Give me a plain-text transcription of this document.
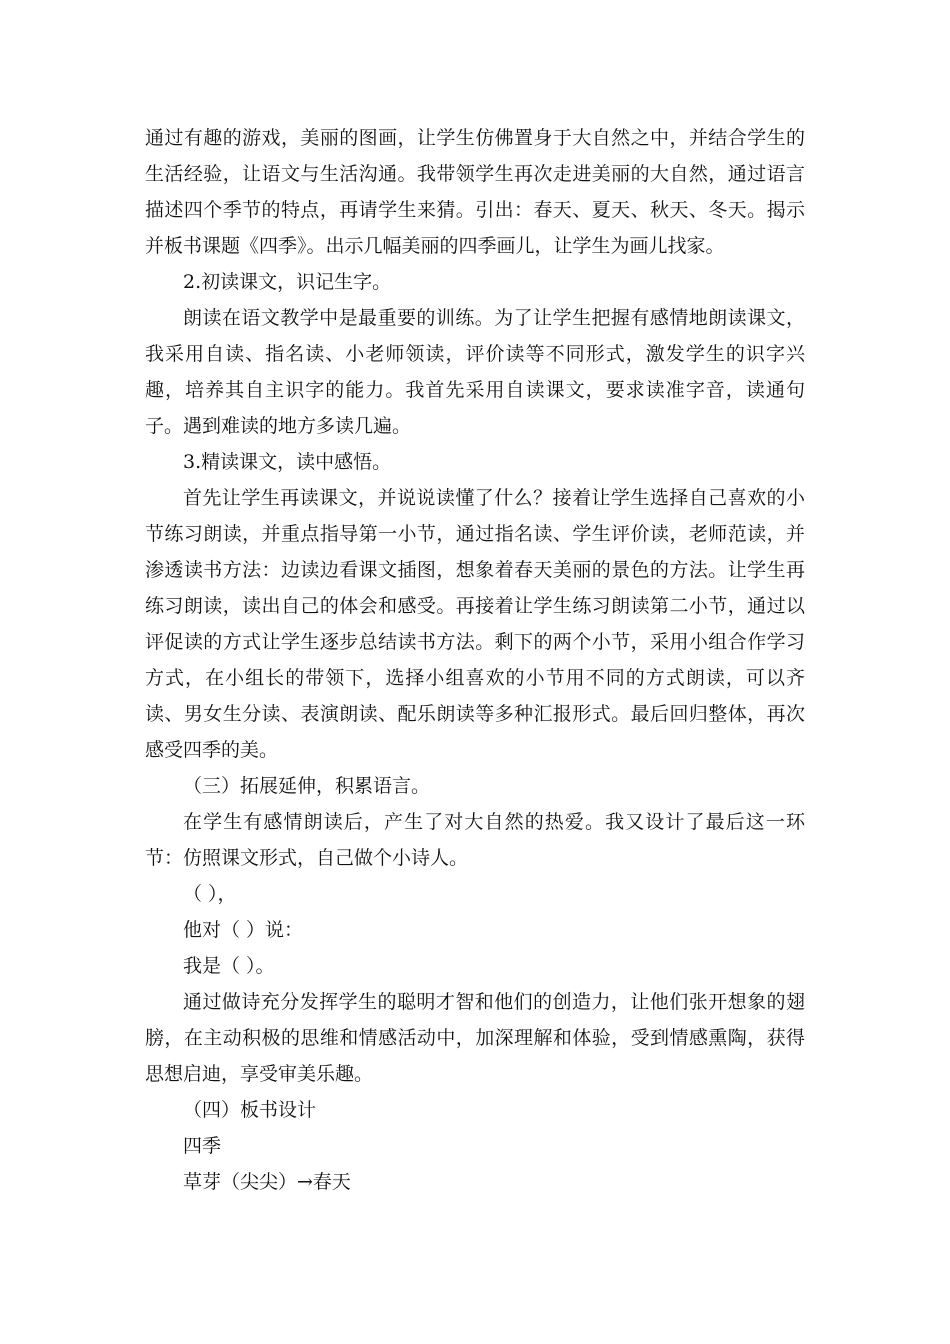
通过有趣的游戏，美丽的图画，让学生仿佛置身于大自然之中，并结合学生的生活经验，让语文与生活沟通。我带领学生再次走进美丽的大自然，通过语言描述四个季节的特点，再请学生来猜。引出：春天、夏天、秋天、冬天。揭示并板书课题《四季》。出示几幅美丽的四季画儿，让学生为画儿找家。

2.初读课文，识记生字。

朗读在语文教学中是最重要的训练。为了让学生把握有感情地朗读课文，我采用自读、指名读、小老师领读，评价读等不同形式，激发学生的识字兴趣，培养其自主识字的能力。我首先采用自读课文，要求读准字音，读通句子。遇到难读的地方多读几遍。

3.精读课文，读中感悟。

首先让学生再读课文，并说说读懂了什么？接着让学生选择自己喜欢的小节练习朗读，并重点指导第一小节，通过指名读、学生评价读，老师范读，并渗透读书方法：边读边看课文插图，想象着春天美丽的景色的方法。让学生再练习朗读，读出自己的体会和感受。再接着让学生练习朗读第二小节，通过以评促读的方式让学生逐步总结读书方法。剩下的两个小节，采用小组合作学习方式，在小组长的带领下，选择小组喜欢的小节用不同的方式朗读，可以齐读、男女生分读、表演朗读、配乐朗读等多种汇报形式。最后回归整体，再次感受四季的美。

（三）拓展延伸，积累语言。

在学生有感情朗读后，产生了对大自然的热爱。我又设计了最后这一环节：仿照课文形式，自己做个小诗人。

（ ），

他对（ ）说：

我是（ ）。

通过做诗充分发挥学生的聪明才智和他们的创造力，让他们张开想象的翅膀，在主动积极的思维和情感活动中，加深理解和体验，受到情感熏陶，获得思想启迪，享受审美乐趣。

（四）板书设计

四季

草芽（尖尖）→春天
